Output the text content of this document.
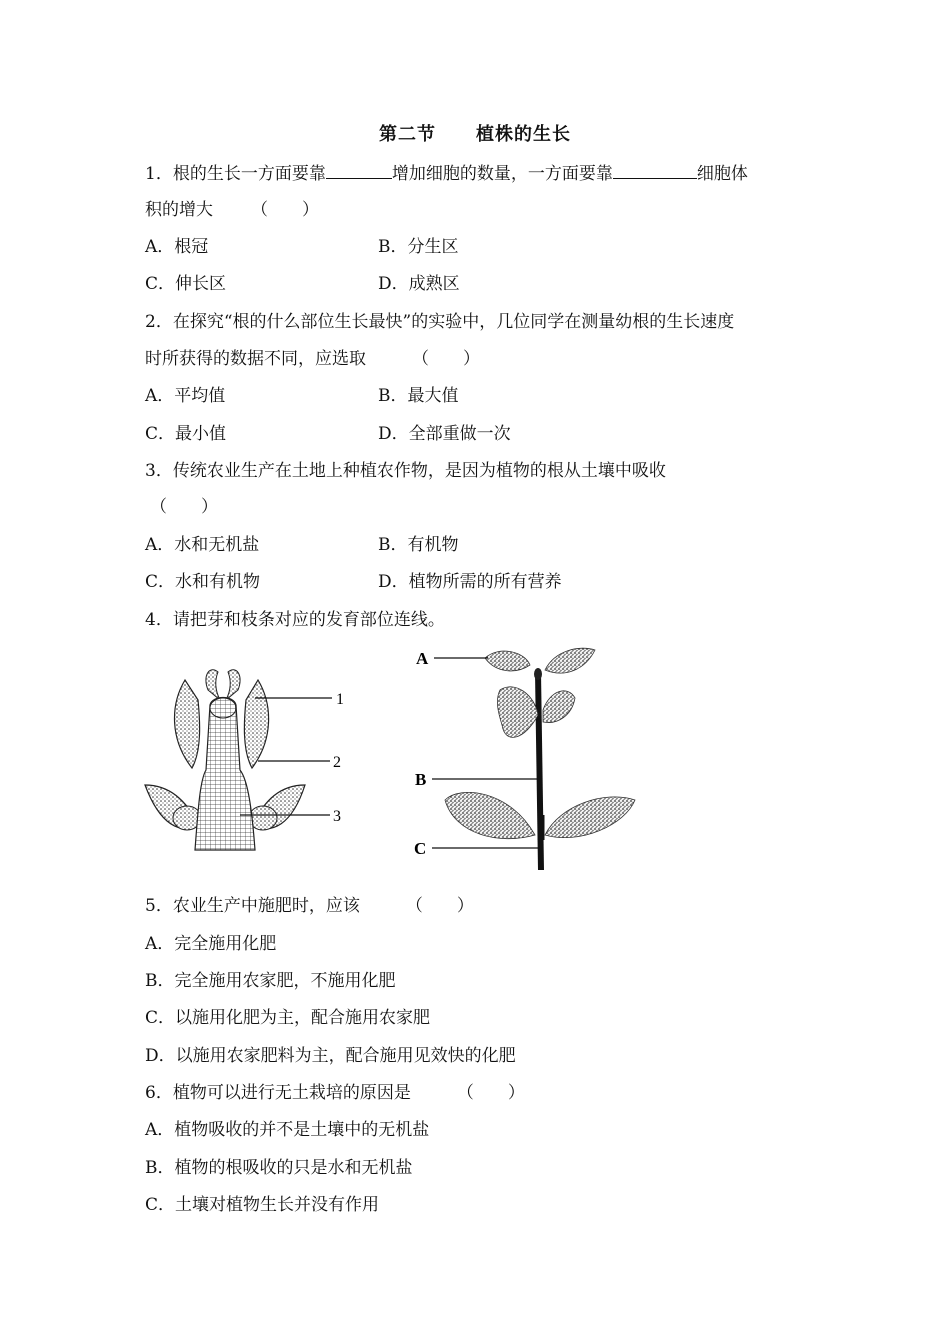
第二节 植株的生长
1．根的生长一方面要靠	增加细胞的数量，一方面要靠	细胞体
积的增大 （　　）
A．根冠	B．分生区
C．伸长区	D．成熟区
2．在探究“根的什么部位生长最快”的实验中，几位同学在测量幼根的生长速度
时所获得的数据不同，应选取	（　　）
A．平均值	B．最大值
C．最小值	D．全部重做一次
3．传统农业生产在土地上种植农作物，是因为植物的根从土壤中吸收
（　　）
A．水和无机盐	B．有机物
C．水和有机物	D．植物所需的所有营养
4．请把芽和枝条对应的发育部位连线。
1
2
3
A
B
C
5．农业生产中施肥时，应该	（　　）
A．完全施用化肥
B．完全施用农家肥，不施用化肥
C．以施用化肥为主，配合施用农家肥
D．以施用农家肥料为主，配合施用见效快的化肥
6．植物可以进行无土栽培的原因是	（　　）
A．植物吸收的并不是土壤中的无机盐
B．植物的根吸收的只是水和无机盐
C．土壤对植物生长并没有作用
